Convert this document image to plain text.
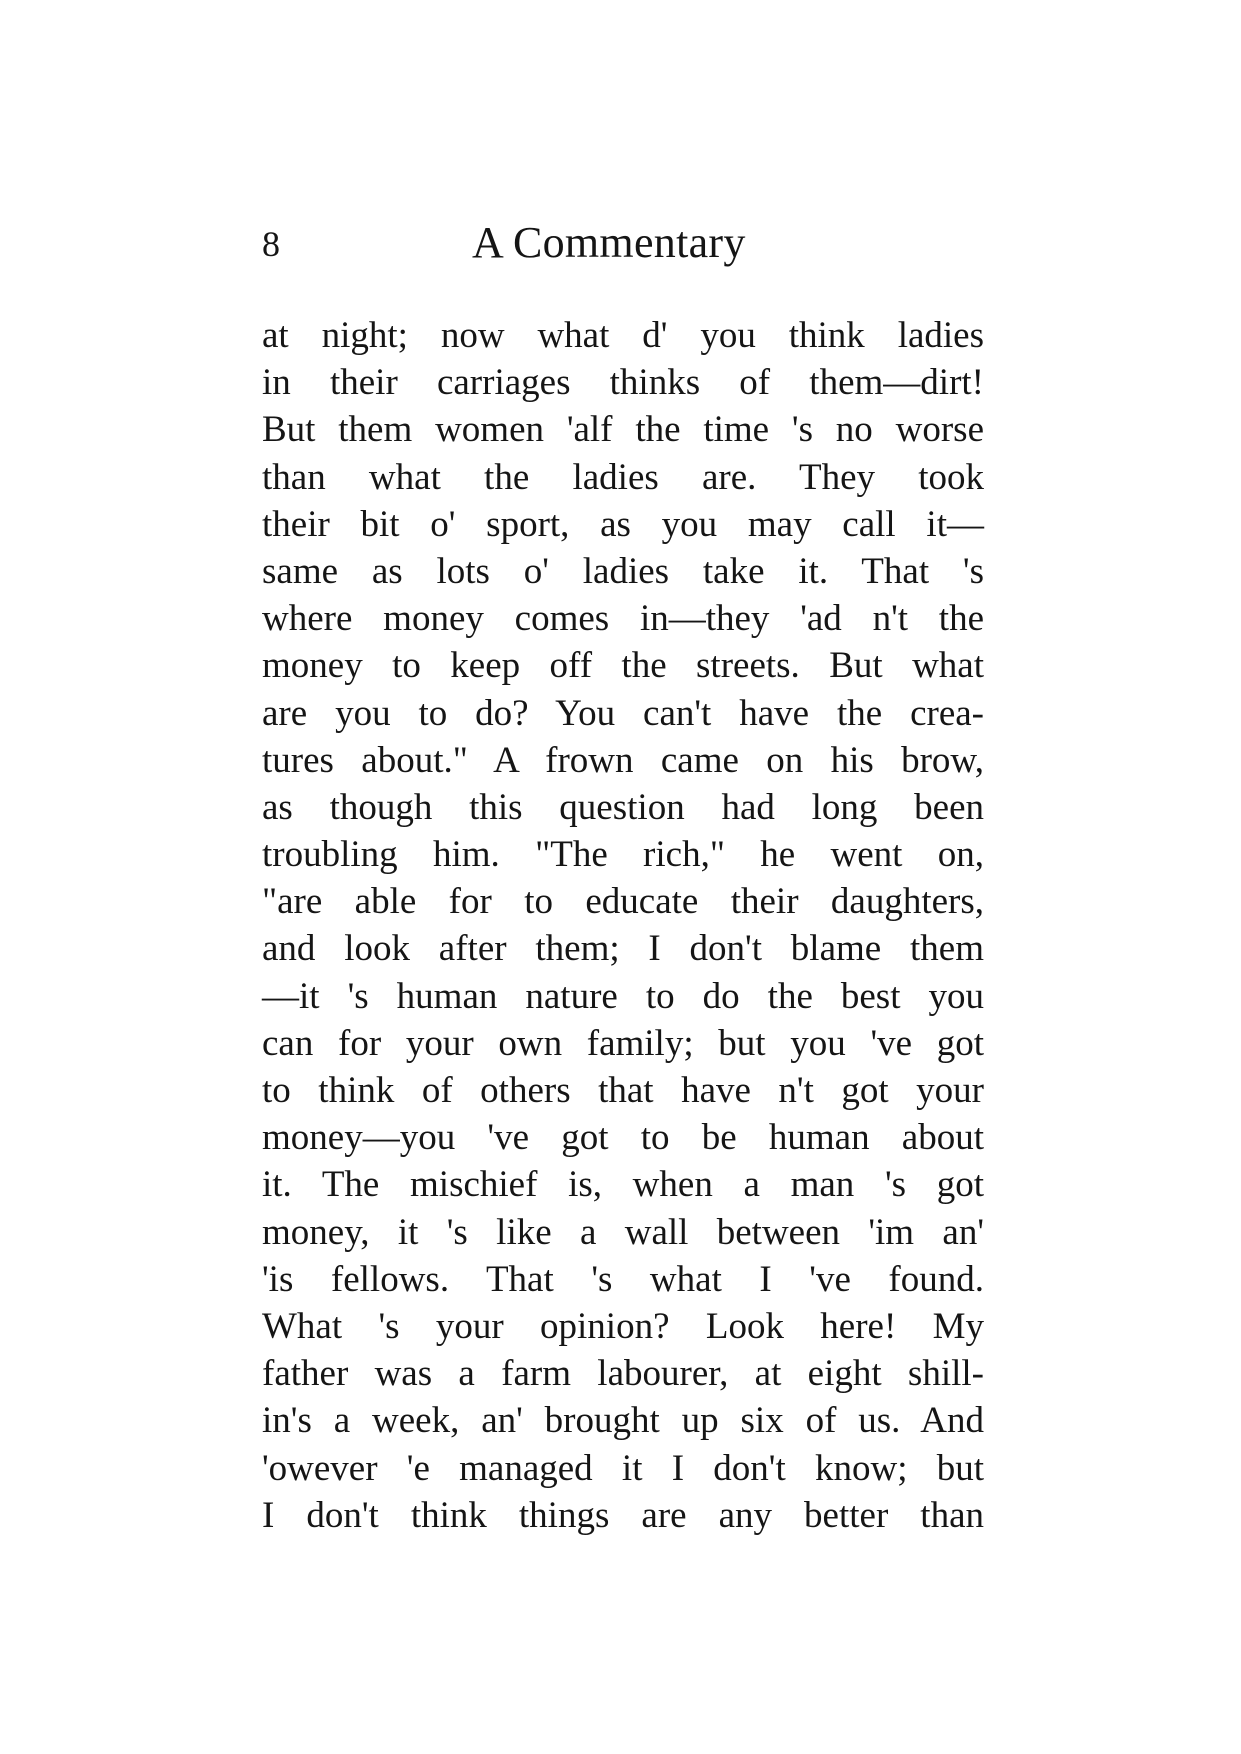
8	A Commentary
at night; now what d' you think ladies
in their carriages thinks of them—dirt!
But them women 'alf the time 's no worse
than what the ladies are. They took
their bit o' sport, as you may call it—
same as lots o' ladies take it. That 's
where money comes in—they 'ad n't the
money to keep off the streets. But what
are you to do? You can't have the crea-
tures about." A frown came on his brow,
as though this question had long been
troubling him. "The rich," he went on,
"are able for to educate their daughters,
and look after them; I don't blame them
—it 's human nature to do the best you
can for your own family; but you 've got
to think of others that have n't got your
money—you 've got to be human about
it. The mischief is, when a man 's got
money, it 's like a wall between 'im an'
'is fellows. That 's what I 've found.
What 's your opinion? Look here! My
father was a farm labourer, at eight shill-
in's a week, an' brought up six of us. And
'owever 'e managed it I don't know; but
I don't think things are any better than
